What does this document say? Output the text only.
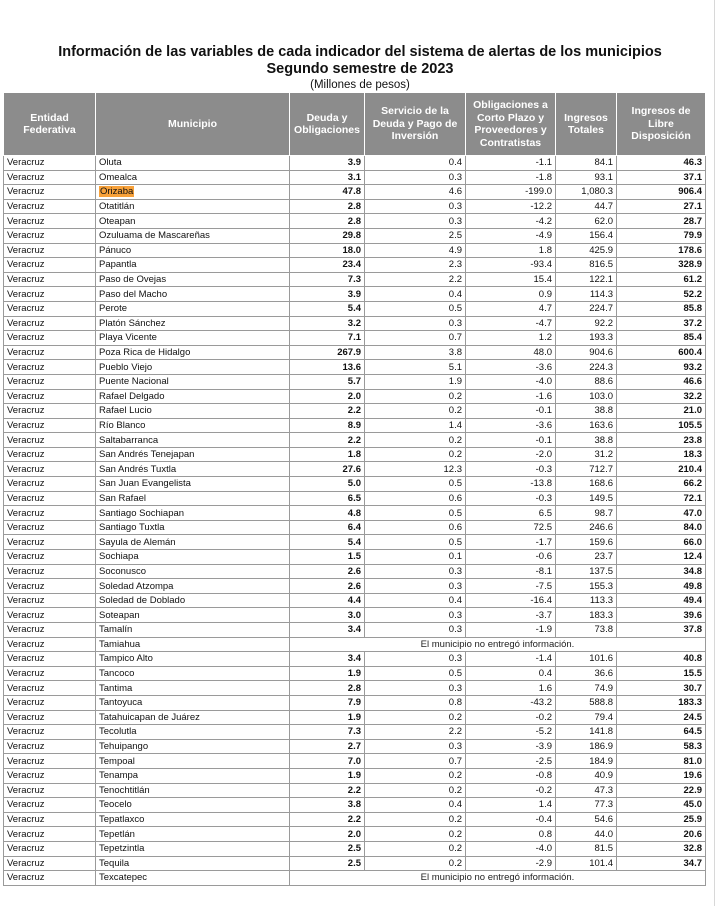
Información de las variables de cada indicador del sistema de alertas de los municipios
Segundo semestre de 2023
(Millones de pesos)
Entidad Federativa	Municipio	Deuda y Obligaciones	Servicio de la Deuda y Pago de Inversión	Obligaciones a Corto Plazo y Proveedores y Contratistas	Ingresos Totales	Ingresos de Libre Disposición
Veracruz	Oluta	3.9	0.4	-1.1	84.1	46.3
Veracruz	Omealca	3.1	0.3	-1.8	93.1	37.1
Veracruz	Orizaba	47.8	4.6	-199.0	1,080.3	906.4
Veracruz	Otatitlán	2.8	0.3	-12.2	44.7	27.1
Veracruz	Oteapan	2.8	0.3	-4.2	62.0	28.7
Veracruz	Ozuluama de Mascareñas	29.8	2.5	-4.9	156.4	79.9
Veracruz	Pánuco	18.0	4.9	1.8	425.9	178.6
Veracruz	Papantla	23.4	2.3	-93.4	816.5	328.9
Veracruz	Paso de Ovejas	7.3	2.2	15.4	122.1	61.2
Veracruz	Paso del Macho	3.9	0.4	0.9	114.3	52.2
Veracruz	Perote	5.4	0.5	4.7	224.7	85.8
Veracruz	Platón Sánchez	3.2	0.3	-4.7	92.2	37.2
Veracruz	Playa Vicente	7.1	0.7	1.2	193.3	85.4
Veracruz	Poza Rica de Hidalgo	267.9	3.8	48.0	904.6	600.4
Veracruz	Pueblo Viejo	13.6	5.1	-3.6	224.3	93.2
Veracruz	Puente Nacional	5.7	1.9	-4.0	88.6	46.6
Veracruz	Rafael Delgado	2.0	0.2	-1.6	103.0	32.2
Veracruz	Rafael Lucio	2.2	0.2	-0.1	38.8	21.0
Veracruz	Río Blanco	8.9	1.4	-3.6	163.6	105.5
Veracruz	Saltabarranca	2.2	0.2	-0.1	38.8	23.8
Veracruz	San Andrés Tenejapan	1.8	0.2	-2.0	31.2	18.3
Veracruz	San Andrés Tuxtla	27.6	12.3	-0.3	712.7	210.4
Veracruz	San Juan Evangelista	5.0	0.5	-13.8	168.6	66.2
Veracruz	San Rafael	6.5	0.6	-0.3	149.5	72.1
Veracruz	Santiago Sochiapan	4.8	0.5	6.5	98.7	47.0
Veracruz	Santiago Tuxtla	6.4	0.6	72.5	246.6	84.0
Veracruz	Sayula de Alemán	5.4	0.5	-1.7	159.6	66.0
Veracruz	Sochiapa	1.5	0.1	-0.6	23.7	12.4
Veracruz	Soconusco	2.6	0.3	-8.1	137.5	34.8
Veracruz	Soledad Atzompa	2.6	0.3	-7.5	155.3	49.8
Veracruz	Soledad de Doblado	4.4	0.4	-16.4	113.3	49.4
Veracruz	Soteapan	3.0	0.3	-3.7	183.3	39.6
Veracruz	Tamalín	3.4	0.3	-1.9	73.8	37.8
Veracruz	Tamiahua	El municipio no entregó información.				
Veracruz	Tampico Alto	3.4	0.3	-1.4	101.6	40.8
Veracruz	Tancoco	1.9	0.5	0.4	36.6	15.5
Veracruz	Tantima	2.8	0.3	1.6	74.9	30.7
Veracruz	Tantoyuca	7.9	0.8	-43.2	588.8	183.3
Veracruz	Tatahuicapan de Juárez	1.9	0.2	-0.2	79.4	24.5
Veracruz	Tecolutla	7.3	2.2	-5.2	141.8	64.5
Veracruz	Tehuipango	2.7	0.3	-3.9	186.9	58.3
Veracruz	Tempoal	7.0	0.7	-2.5	184.9	81.0
Veracruz	Tenampa	1.9	0.2	-0.8	40.9	19.6
Veracruz	Tenochtitlán	2.2	0.2	-0.2	47.3	22.9
Veracruz	Teocelo	3.8	0.4	1.4	77.3	45.0
Veracruz	Tepatlaxco	2.2	0.2	-0.4	54.6	25.9
Veracruz	Tepetlán	2.0	0.2	0.8	44.0	20.6
Veracruz	Tepetzintla	2.5	0.2	-4.0	81.5	32.8
Veracruz	Tequila	2.5	0.2	-2.9	101.4	34.7
Veracruz	Texcatepec	El municipio no entregó información.				
